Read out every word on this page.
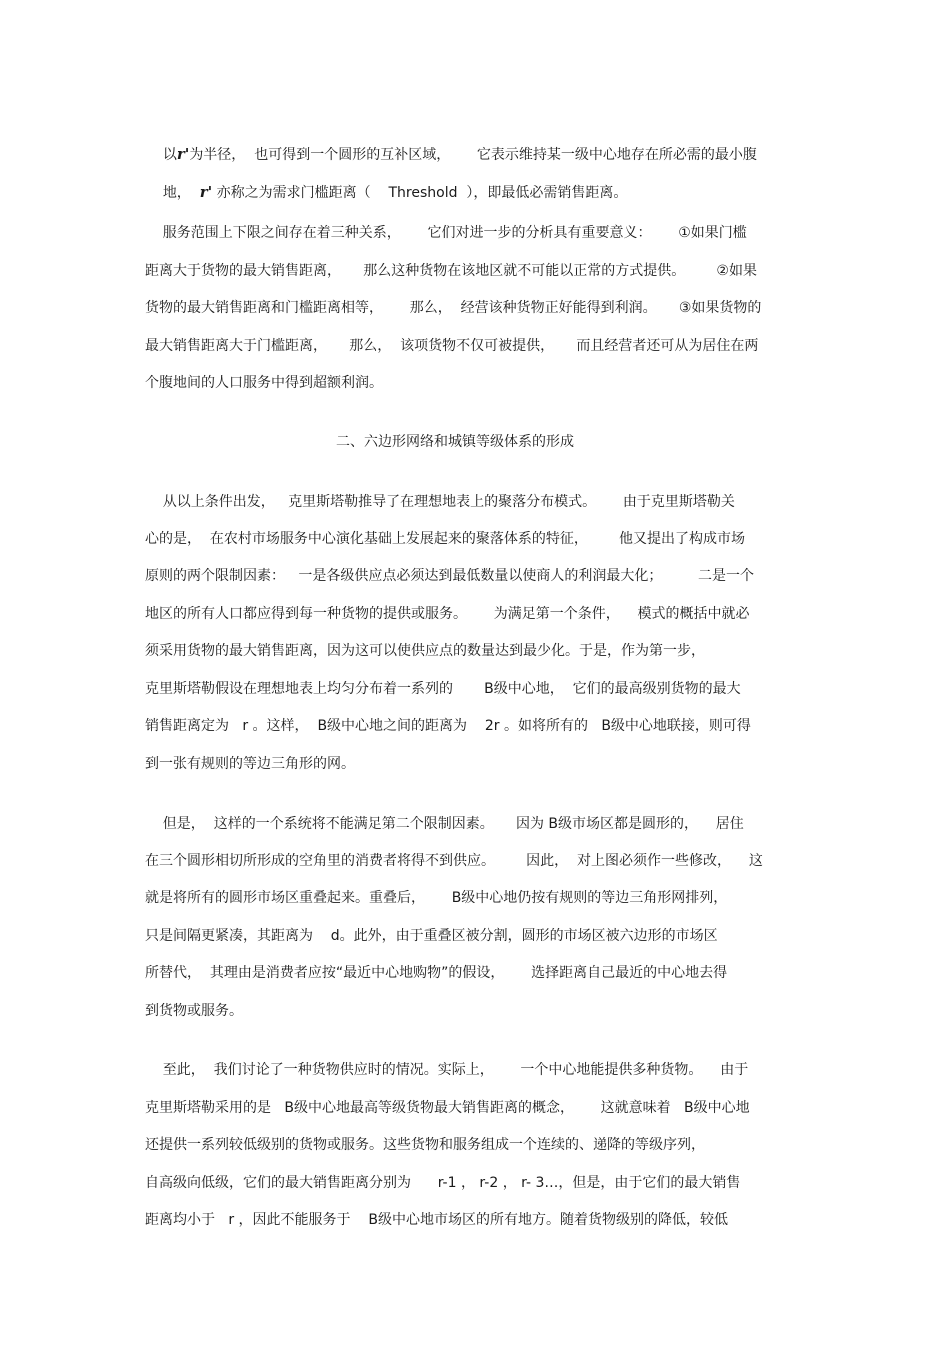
以r'为半径，  也可得到一个圆形的互补区域，      它表示维持某一级中心地存在所必需的最小腹

地，  r' 亦称之为需求门槛距离（    Threshold  ），即最低必需销售距离。

服务范围上下限之间存在着三种关系，      它们对进一步的分析具有重要意义：      ①如果门槛
距离大于货物的最大销售距离，     那么这种货物在该地区就不可能以正常的方式提供。       ②如果
货物的最大销售距离和门槛距离相等，      那么，  经营该种货物正好能得到利润。     ③如果货物的
最大销售距离大于门槛距离，     那么，  该项货物不仅可被提供，     而且经营者还可从为居住在两
个腹地间的人口服务中得到超额利润。
二、六边形网络和城镇等级体系的形成
从以上条件出发，   克里斯塔勒推导了在理想地表上的聚落分布模式。      由于克里斯塔勒关
心的是，  在农村市场服务中心演化基础上发展起来的聚落体系的特征，       他又提出了构成市场
原则的两个限制因素：   一是各级供应点必须达到最低数量以使商人的利润最大化；        二是一个
地区的所有人口都应得到每一种货物的提供或服务。      为满足第一个条件，    模式的概括中就必
须采用货物的最大销售距离，因为这可以使供应点的数量达到最少化。于是，作为第一步，
克里斯塔勒假设在理想地表上均匀分布着一系列的       B级中心地，  它们的最高级别货物的最大
销售距离定为   r 。这样，  B级中心地之间的距离为    2r 。如将所有的   B级中心地联接，则可得
到一张有规则的等边三角形的网。
但是，  这样的一个系统将不能满足第二个限制因素。     因为 B级市场区都是圆形的，    居住
在三个圆形相切所形成的空角里的消费者将得不到供应。       因此，  对上图必须作一些修改，    这
就是将所有的圆形市场区重叠起来。重叠后，      B级中心地仍按有规则的等边三角形网排列，
只是间隔更紧凑，其距离为    d。此外，由于重叠区被分割，圆形的市场区被六边形的市场区
所替代，  其理由是消费者应按“最近中心地购物”的假设，      选择距离自己最近的中心地去得
到货物或服务。
至此，  我们讨论了一种货物供应时的情况。实际上，      一个中心地能提供多种货物。    由于
克里斯塔勒采用的是   B级中心地最高等级货物最大销售距离的概念，      这就意味着   B级中心地
还提供一系列较低级别的货物或服务。这些货物和服务组成一个连续的、递降的等级序列，
自高级向低级，它们的最大销售距离分别为      r-1 ， r-2 ， r- 3…，但是，由于它们的最大销售
距离均小于   r ，因此不能服务于    B级中心地市场区的所有地方。随着货物级别的降低，较低
